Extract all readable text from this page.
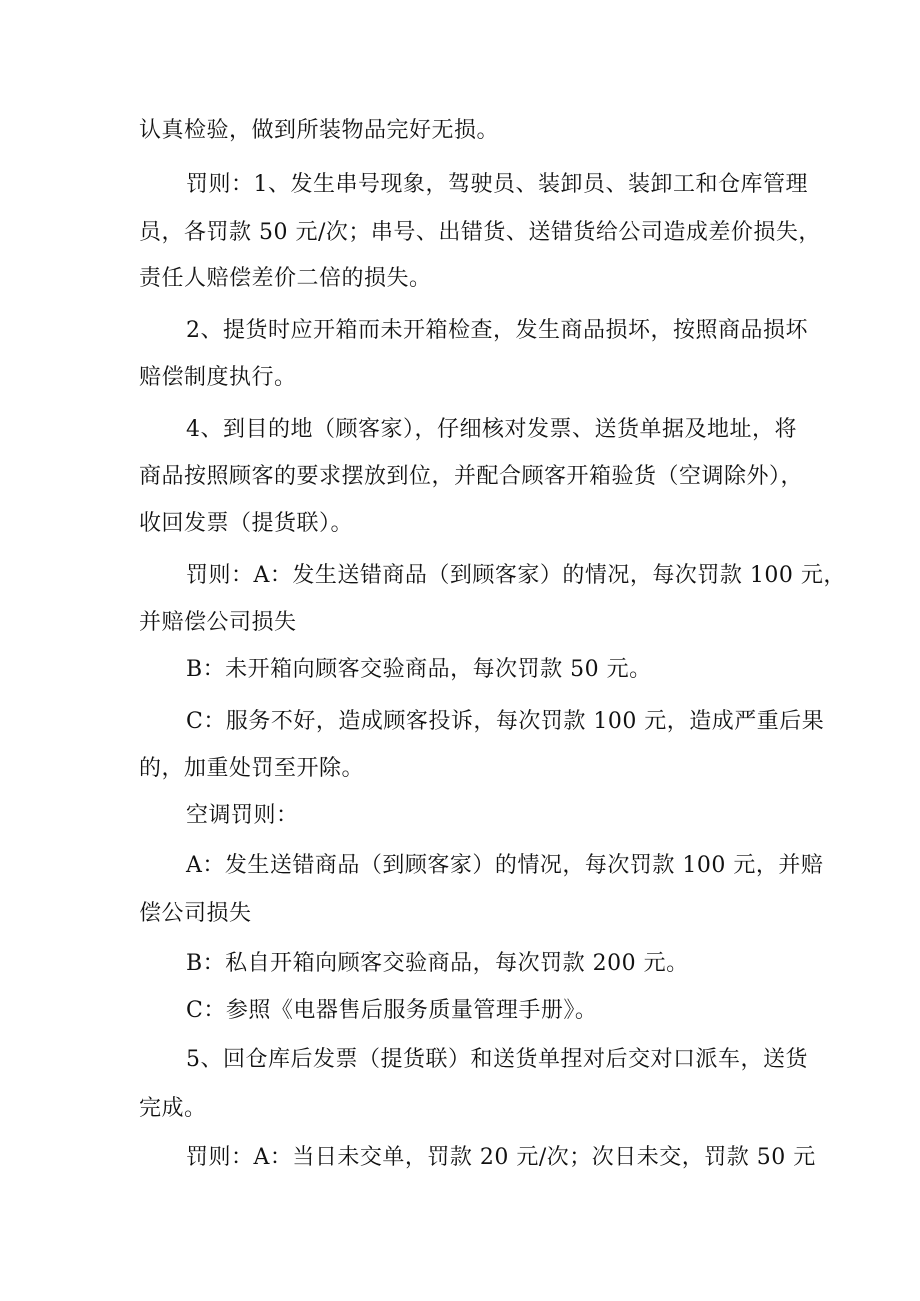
认真检验，做到所装物品完好无损。
罚则：1、发生串号现象，驾驶员、装卸员、装卸工和仓库管理
员，各罚款 50 元/次；串号、出错货、送错货给公司造成差价损失，
责任人赔偿差价二倍的损失。
2、提货时应开箱而未开箱检查，发生商品损坏，按照商品损坏
赔偿制度执行。
4、到目的地（顾客家），仔细核对发票、送货单据及地址，将
商品按照顾客的要求摆放到位，并配合顾客开箱验货（空调除外），
收回发票（提货联）。
罚则：A：发生送错商品（到顾客家）的情况，每次罚款 100 元，
并赔偿公司损失
B：未开箱向顾客交验商品，每次罚款 50 元。
C：服务不好，造成顾客投诉，每次罚款 100 元，造成严重后果
的，加重处罚至开除。
空调罚则：
A：发生送错商品（到顾客家）的情况，每次罚款 100 元，并赔
偿公司损失
B：私自开箱向顾客交验商品，每次罚款 200 元。
C：参照《电器售后服务质量管理手册》。
5、回仓库后发票（提货联）和送货单捏对后交对口派车，送货
完成。
罚则：A：当日未交单，罚款 20 元/次；次日未交，罚款 50 元
